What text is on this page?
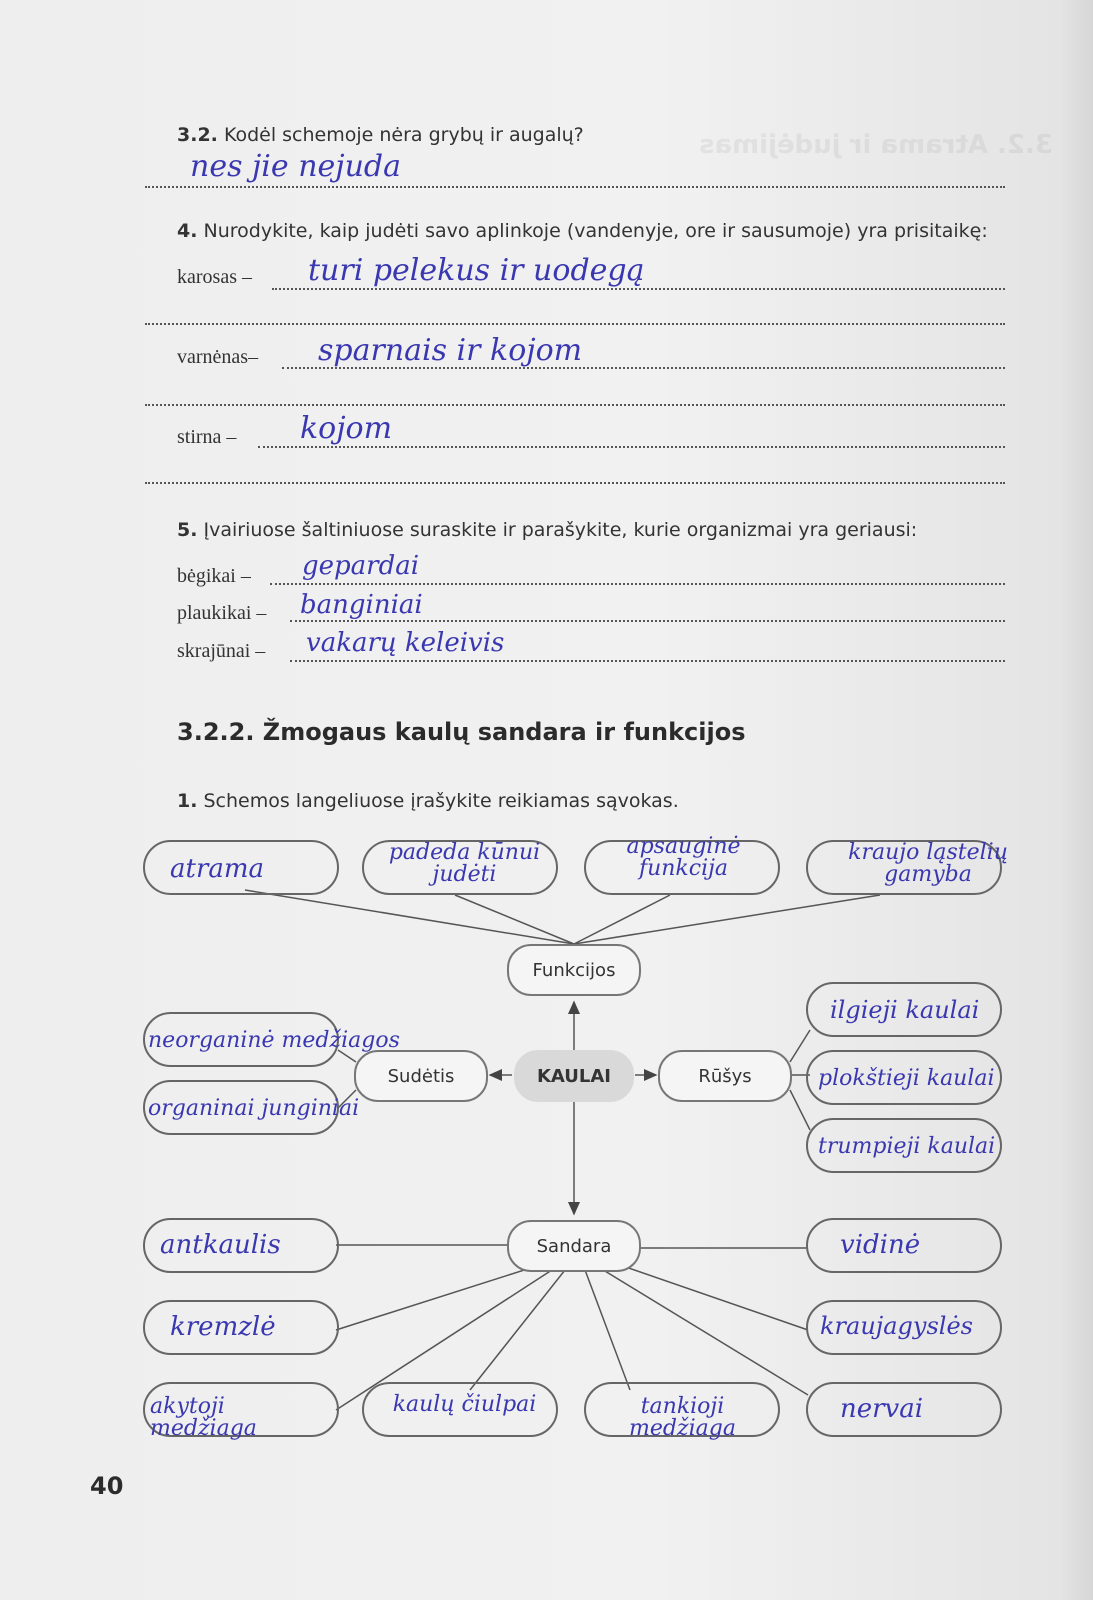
3.2. Atrama ir judėjimas
3.2. Kodėl schemoje nėra grybų ir augalų?
nes jie nejuda
4. Nurodykite, kaip judėti savo aplinkoje (vandenyje, ore ir sausumoje) yra prisitaikę:
karosas – turi pelekus ir uodegą
varnėnas– sparnais ir kojom
stirna – kojom
5. Įvairiuose šaltiniuose suraskite ir parašykite, kurie organizmai yra geriausi:
bėgikai – gepardai
plaukikai – banginiai
skrajūnai – vakarų keleivis
3.2.2. Žmogaus kaulų sandara ir funkcijos
1. Schemos langeliuose įrašykite reikiamas sąvokas.
Funkcijos
Sudėtis	KAULAI	Rūšys
Sandara
atrama
padeda kūnui judėti
apsauginė funkcija
kraujo ląstelių gamyba
neorganinė medžiagos
organinai junginiai
ilgieji kaulai
plokštieji kaulai
trumpieji kaulai
antkaulis
kremzlė
akytoji medžiaga
kaulų čiulpai	tankioji medžiaga
nervai
kraujagyslės
vidinė
40
